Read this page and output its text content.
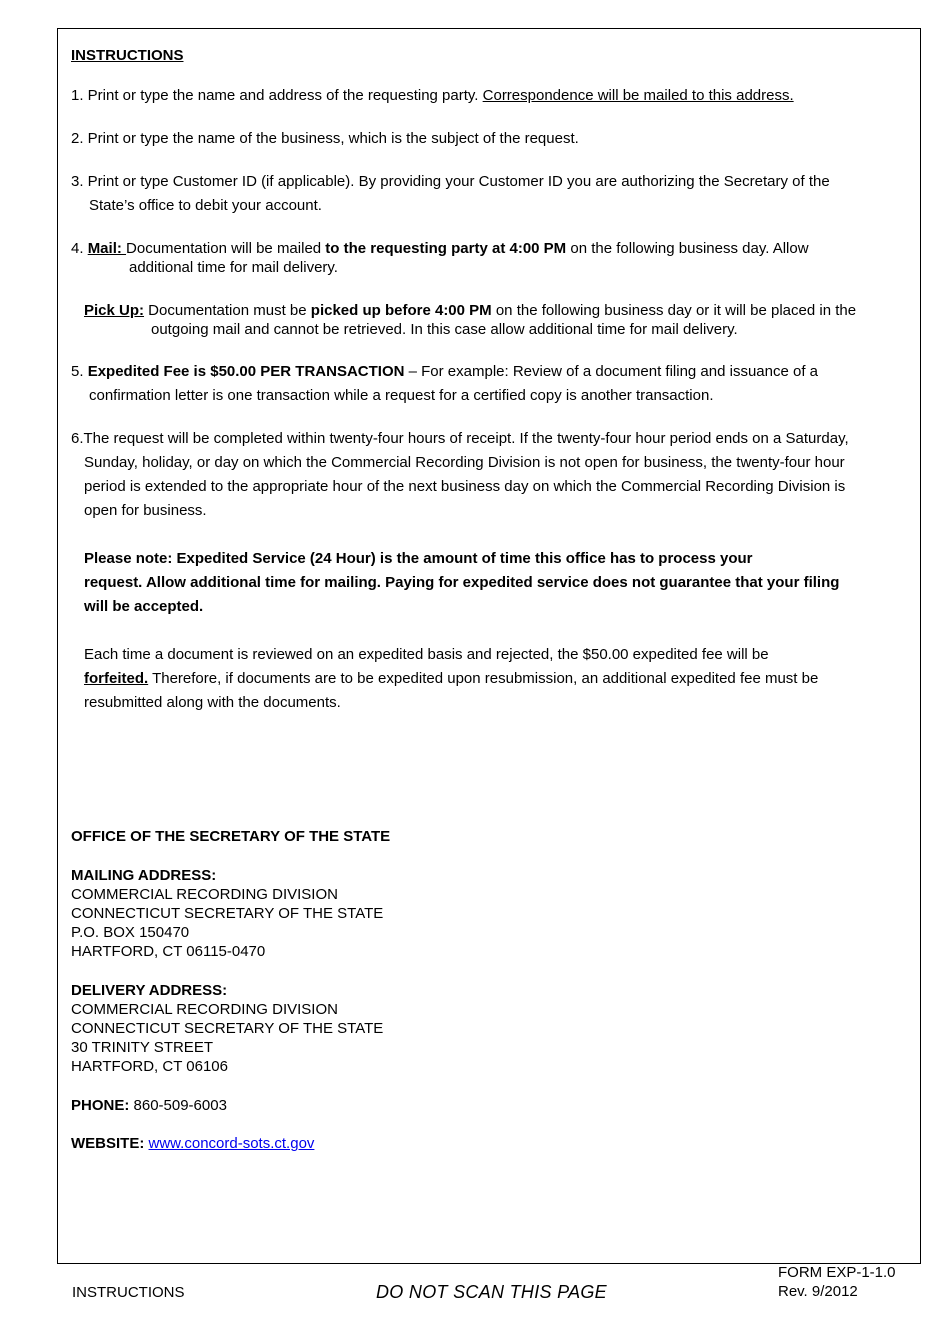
INSTRUCTIONS
1. Print or type the name and address of the requesting party. Correspondence will be mailed to this address.
2. Print or type the name of the business, which is the subject of the request.
3. Print or type Customer ID (if applicable). By providing your Customer ID you are authorizing the Secretary of the
State’s office to debit your account.
4. Mail: Documentation will be mailed to the requesting party at 4:00 PM on the following business day. Allow
additional time for mail delivery.
Pick Up: Documentation must be picked up before 4:00 PM on the following business day or it will be placed in the
outgoing mail and cannot be retrieved. In this case allow additional time for mail delivery.
5. Expedited Fee is $50.00 PER TRANSACTION – For example: Review of a document filing and issuance of a
confirmation letter is one transaction while a request for a certified copy is another transaction.
6.The request will be completed within twenty-four hours of receipt. If the twenty-four hour period ends on a Saturday,
Sunday, holiday, or day on which the Commercial Recording Division is not open for business, the twenty-four hour
period is extended to the appropriate hour of the next business day on which the Commercial Recording Division is
open for business.
Please note: Expedited Service (24 Hour) is the amount of time this office has to process your
request. Allow additional time for mailing. Paying for expedited service does not guarantee that your filing
will be accepted.
Each time a document is reviewed on an expedited basis and rejected, the $50.00 expedited fee will be
forfeited. Therefore, if documents are to be expedited upon resubmission, an additional expedited fee must be
resubmitted along with the documents.
OFFICE OF THE SECRETARY OF THE STATE
MAILING ADDRESS:
COMMERCIAL RECORDING DIVISION
CONNECTICUT SECRETARY OF THE STATE
P.O. BOX 150470
HARTFORD, CT 06115-0470
DELIVERY ADDRESS:
COMMERCIAL RECORDING DIVISION
CONNECTICUT SECRETARY OF THE STATE
30 TRINITY STREET
HARTFORD, CT 06106
PHONE: 860-509-6003
WEBSITE: www.concord-sots.ct.gov
INSTRUCTIONS	DO NOT SCAN THIS PAGE
FORM EXP-1-1.0
Rev. 9/2012
